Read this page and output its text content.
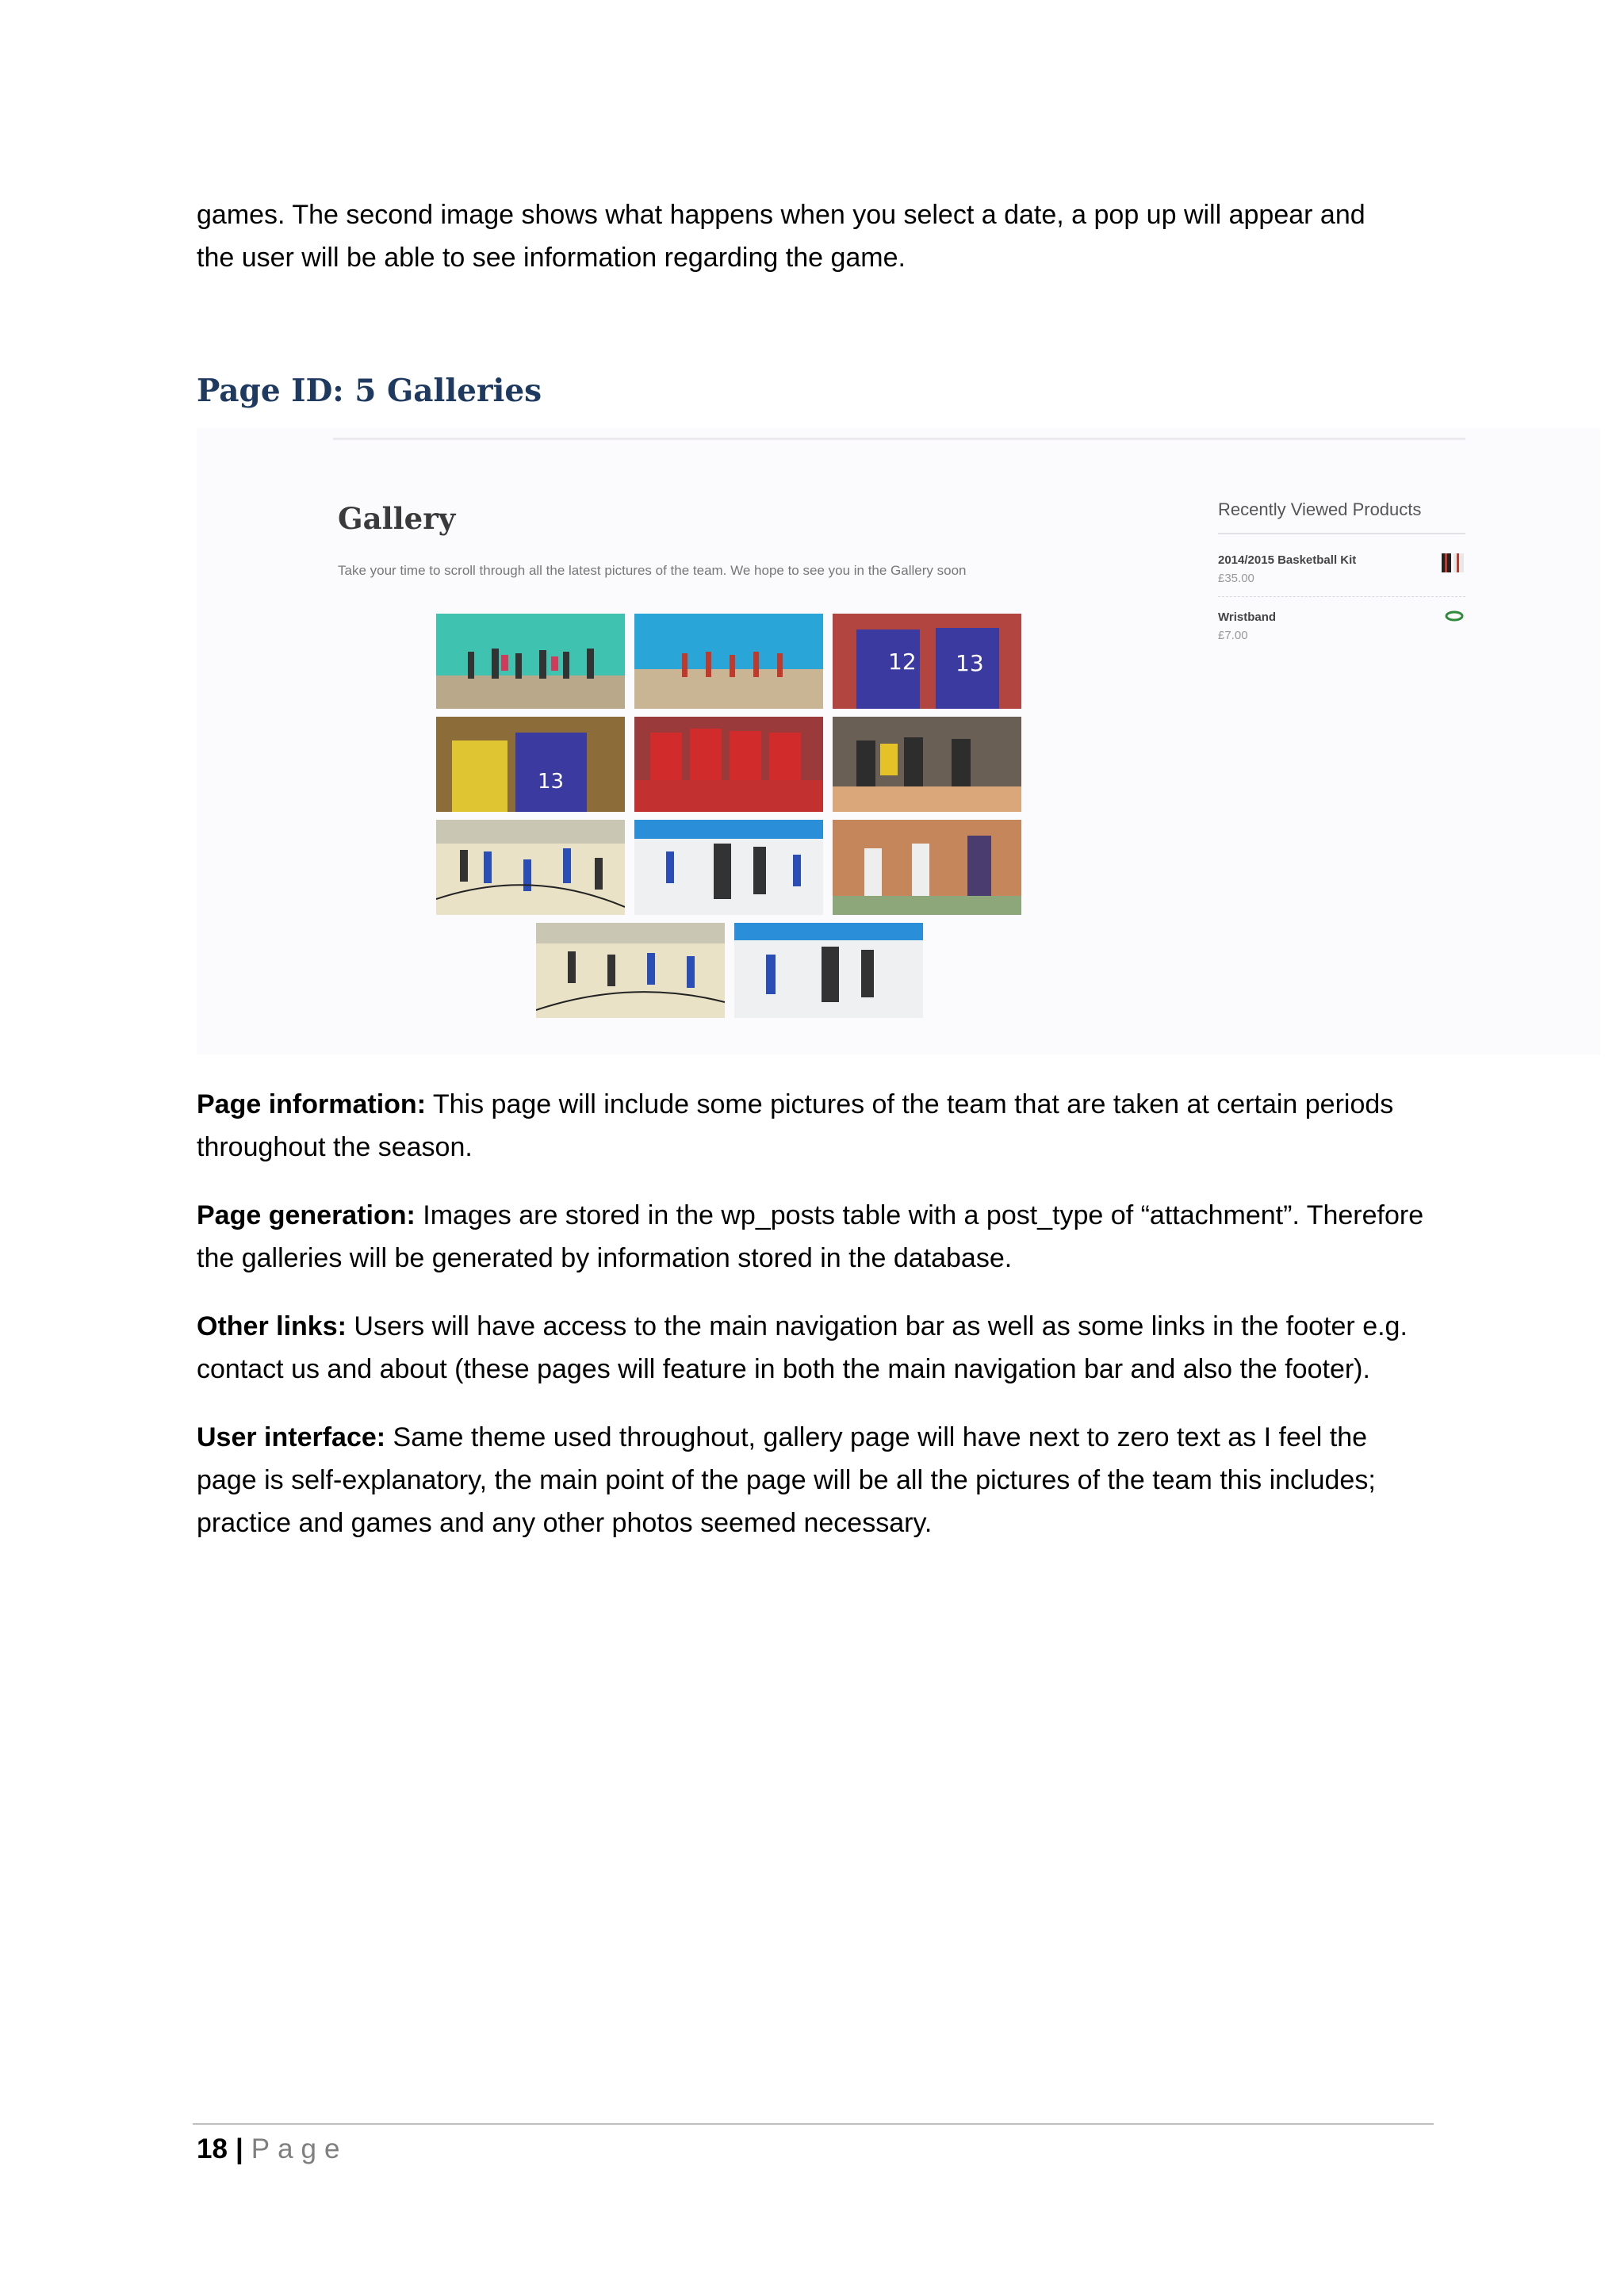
games. The second image shows what happens when you select a date, a pop up will appear and
the user will be able to see information regarding the game.

Page ID: 5 Galleries
Gallery
Take your time to scroll through all the latest pictures of the team. We hope to see you in the Gallery soon
Recently Viewed Products
2014/2015 Basketball Kit
£35.00
Wristband
£7.00
12 13
13

Page information: This page will include some pictures of the team that are taken at certain periods throughout the season.

Page generation: Images are stored in the wp_posts table with a post_type of “attachment”. Therefore the galleries will be generated by information stored in the database.

Other links: Users will have access to the main navigation bar as well as some links in the footer e.g. contact us and about (these pages will feature in both the main navigation bar and also the footer).

User interface: Same theme used throughout, gallery page will have next to zero text as I feel the page is self-explanatory, the main point of the page will be all the pictures of the team this includes; practice and games and any other photos seemed necessary.

18 | Page
